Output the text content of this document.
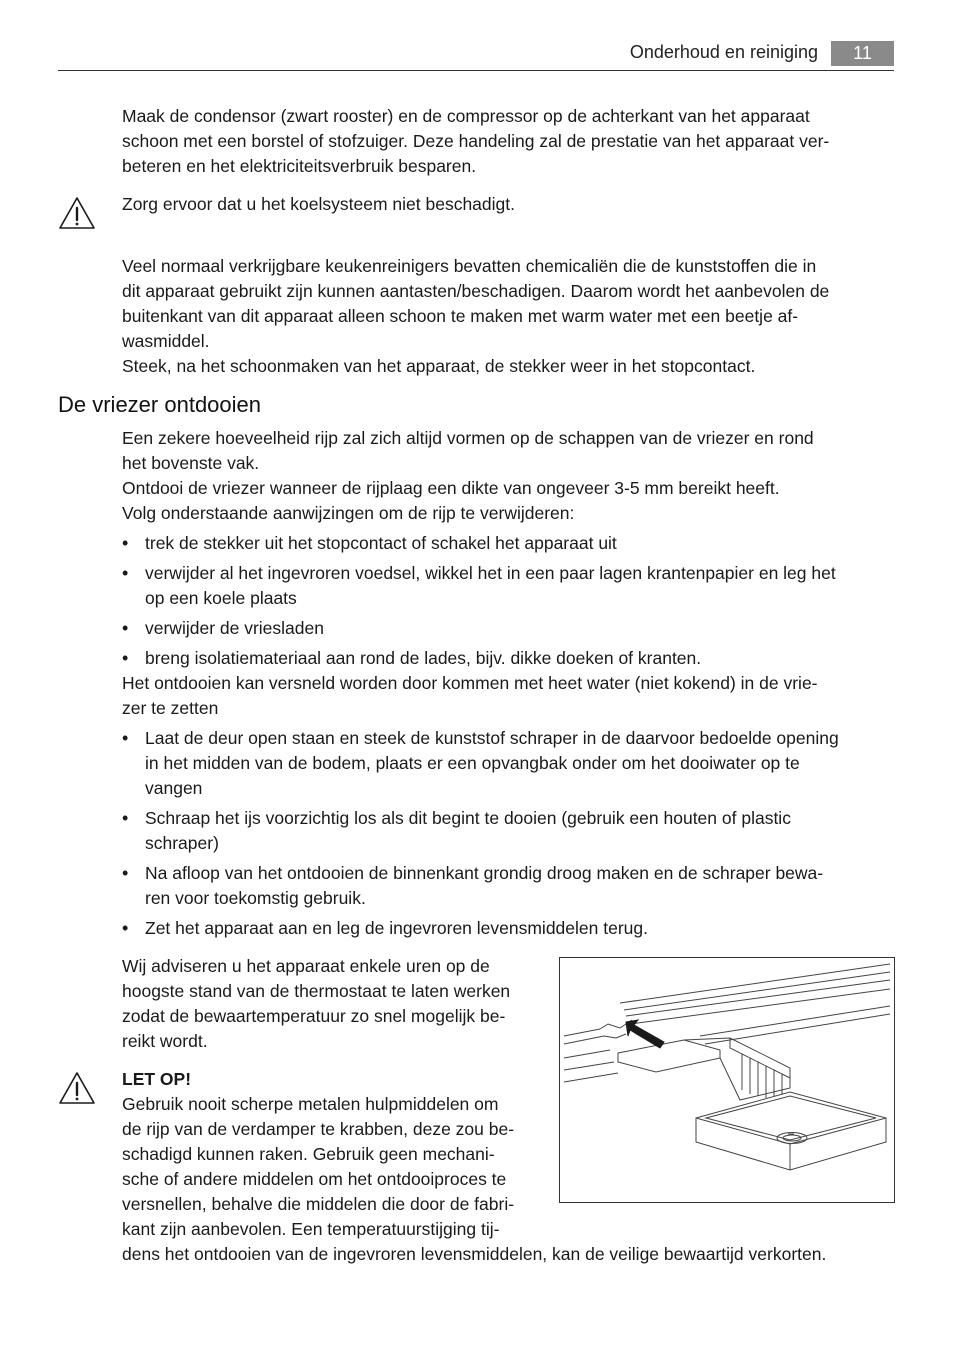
Onderhoud en reiniging	11

Maak de condensor (zwart rooster) en de compressor op de achterkant van het apparaat

schoon met een borstel of stofzuiger. Deze handeling zal de prestatie van het apparaat ver-

beteren en het elektriciteitsverbruik besparen.

Zorg ervoor dat u het koelsysteem niet beschadigt.

Veel normaal verkrijgbare keukenreinigers bevatten chemicaliën die de kunststoffen die in

dit apparaat gebruikt zijn kunnen aantasten/beschadigen. Daarom wordt het aanbevolen de

buitenkant van dit apparaat alleen schoon te maken met warm water met een beetje af-

wasmiddel.

Steek, na het schoonmaken van het apparaat, de stekker weer in het stopcontact.

De vriezer ontdooien

Een zekere hoeveelheid rijp zal zich altijd vormen op de schappen van de vriezer en rond

het bovenste vak.

Ontdooi de vriezer wanneer de rijplaag een dikte van ongeveer 3-5 mm bereikt heeft.

Volg onderstaande aanwijzingen om de rijp te verwijderen:

• trek de stekker uit het stopcontact of schakel het apparaat uit
• verwijder al het ingevroren voedsel, wikkel het in een paar lagen krantenpapier en leg het
op een koele plaats
• verwijder de vriesladen
• breng isolatiemateriaal aan rond de lades, bijv. dikke doeken of kranten.

Het ontdooien kan versneld worden door kommen met heet water (niet kokend) in de vrie-

zer te zetten

• Laat de deur open staan en steek de kunststof schraper in de daarvoor bedoelde opening
in het midden van de bodem, plaats er een opvangbak onder om het dooiwater op te
vangen
• Schraap het ijs voorzichtig los als dit begint te dooien (gebruik een houten of plastic
schraper)
• Na afloop van het ontdooien de binnenkant grondig droog maken en de schraper bewa-
ren voor toekomstig gebruik.
• Zet het apparaat aan en leg de ingevroren levensmiddelen terug.

Wij adviseren u het apparaat enkele uren op de

hoogste stand van de thermostaat te laten werken

zodat de bewaartemperatuur zo snel mogelijk be-

reikt wordt.

LET OP!

Gebruik nooit scherpe metalen hulpmiddelen om

de rijp van de verdamper te krabben, deze zou be-

schadigd kunnen raken. Gebruik geen mechani-

sche of andere middelen om het ontdooiproces te

versnellen, behalve die middelen die door de fabri-

kant zijn aanbevolen. Een temperatuurstijging tij-

dens het ontdooien van de ingevroren levensmiddelen, kan de veilige bewaartijd verkorten.
